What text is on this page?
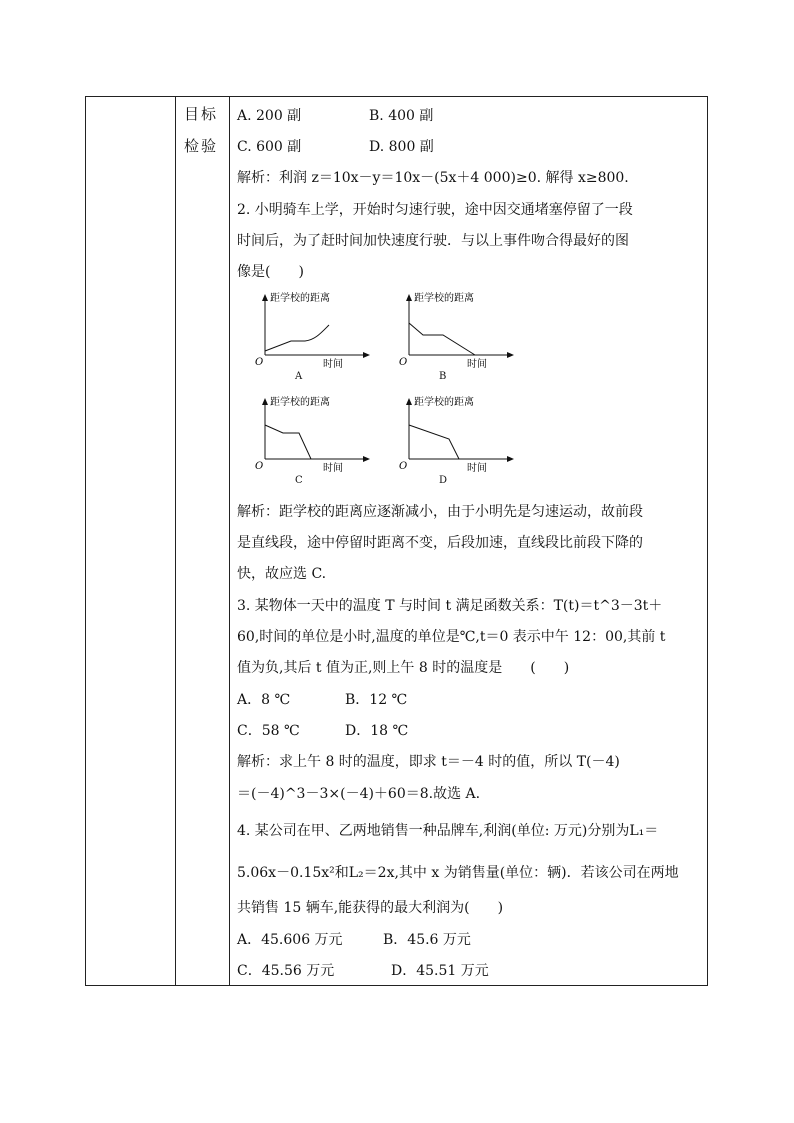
目标
检验
A. 200 副	B. 400 副
C. 600 副	D. 800 副
解析：利润 z＝10x－y＝10x－(5x＋4 000)≥0. 解得 x≥800.
2. 小明骑车上学，开始时匀速行驶，途中因交通堵塞停留了一段
时间后，为了赶时间加快速度行驶．与以上事件吻合得最好的图
像是(　　)
距学校的距离
时间
O
A
距学校的距离
时间
O
B
距学校的距离
时间
O
C
距学校的距离
时间
O
D
解析：距学校的距离应逐渐减小，由于小明先是匀速运动，故前段
是直线段，途中停留时距离不变，后段加速，直线段比前段下降的
快，故应选 C.
3. 某物体一天中的温度 T 与时间 t 满足函数关系：T(t)＝t^3－3t＋
60,时间的单位是小时,温度的单位是℃,t＝0 表示中午 12：00,其前 t
值为负,其后 t 值为正,则上午 8 时的温度是　　(　　)
A．8 ℃	B．12 ℃
C．58 ℃	D．18 ℃
解析：求上午 8 时的温度，即求 t＝－4 时的值，所以 T(－4)
＝(－4)^3－3×(－4)＋60＝8.故选 A.
4. 某公司在甲、乙两地销售一种品牌车,利润(单位: 万元)分别为L₁＝
5.06x－0.15x²和L₂＝2x,其中 x 为销售量(单位：辆)．若该公司在两地
共销售 15 辆车,能获得的最大利润为(　　)
A．45.606 万元	B．45.6 万元
C．45.56 万元	D．45.51 万元
